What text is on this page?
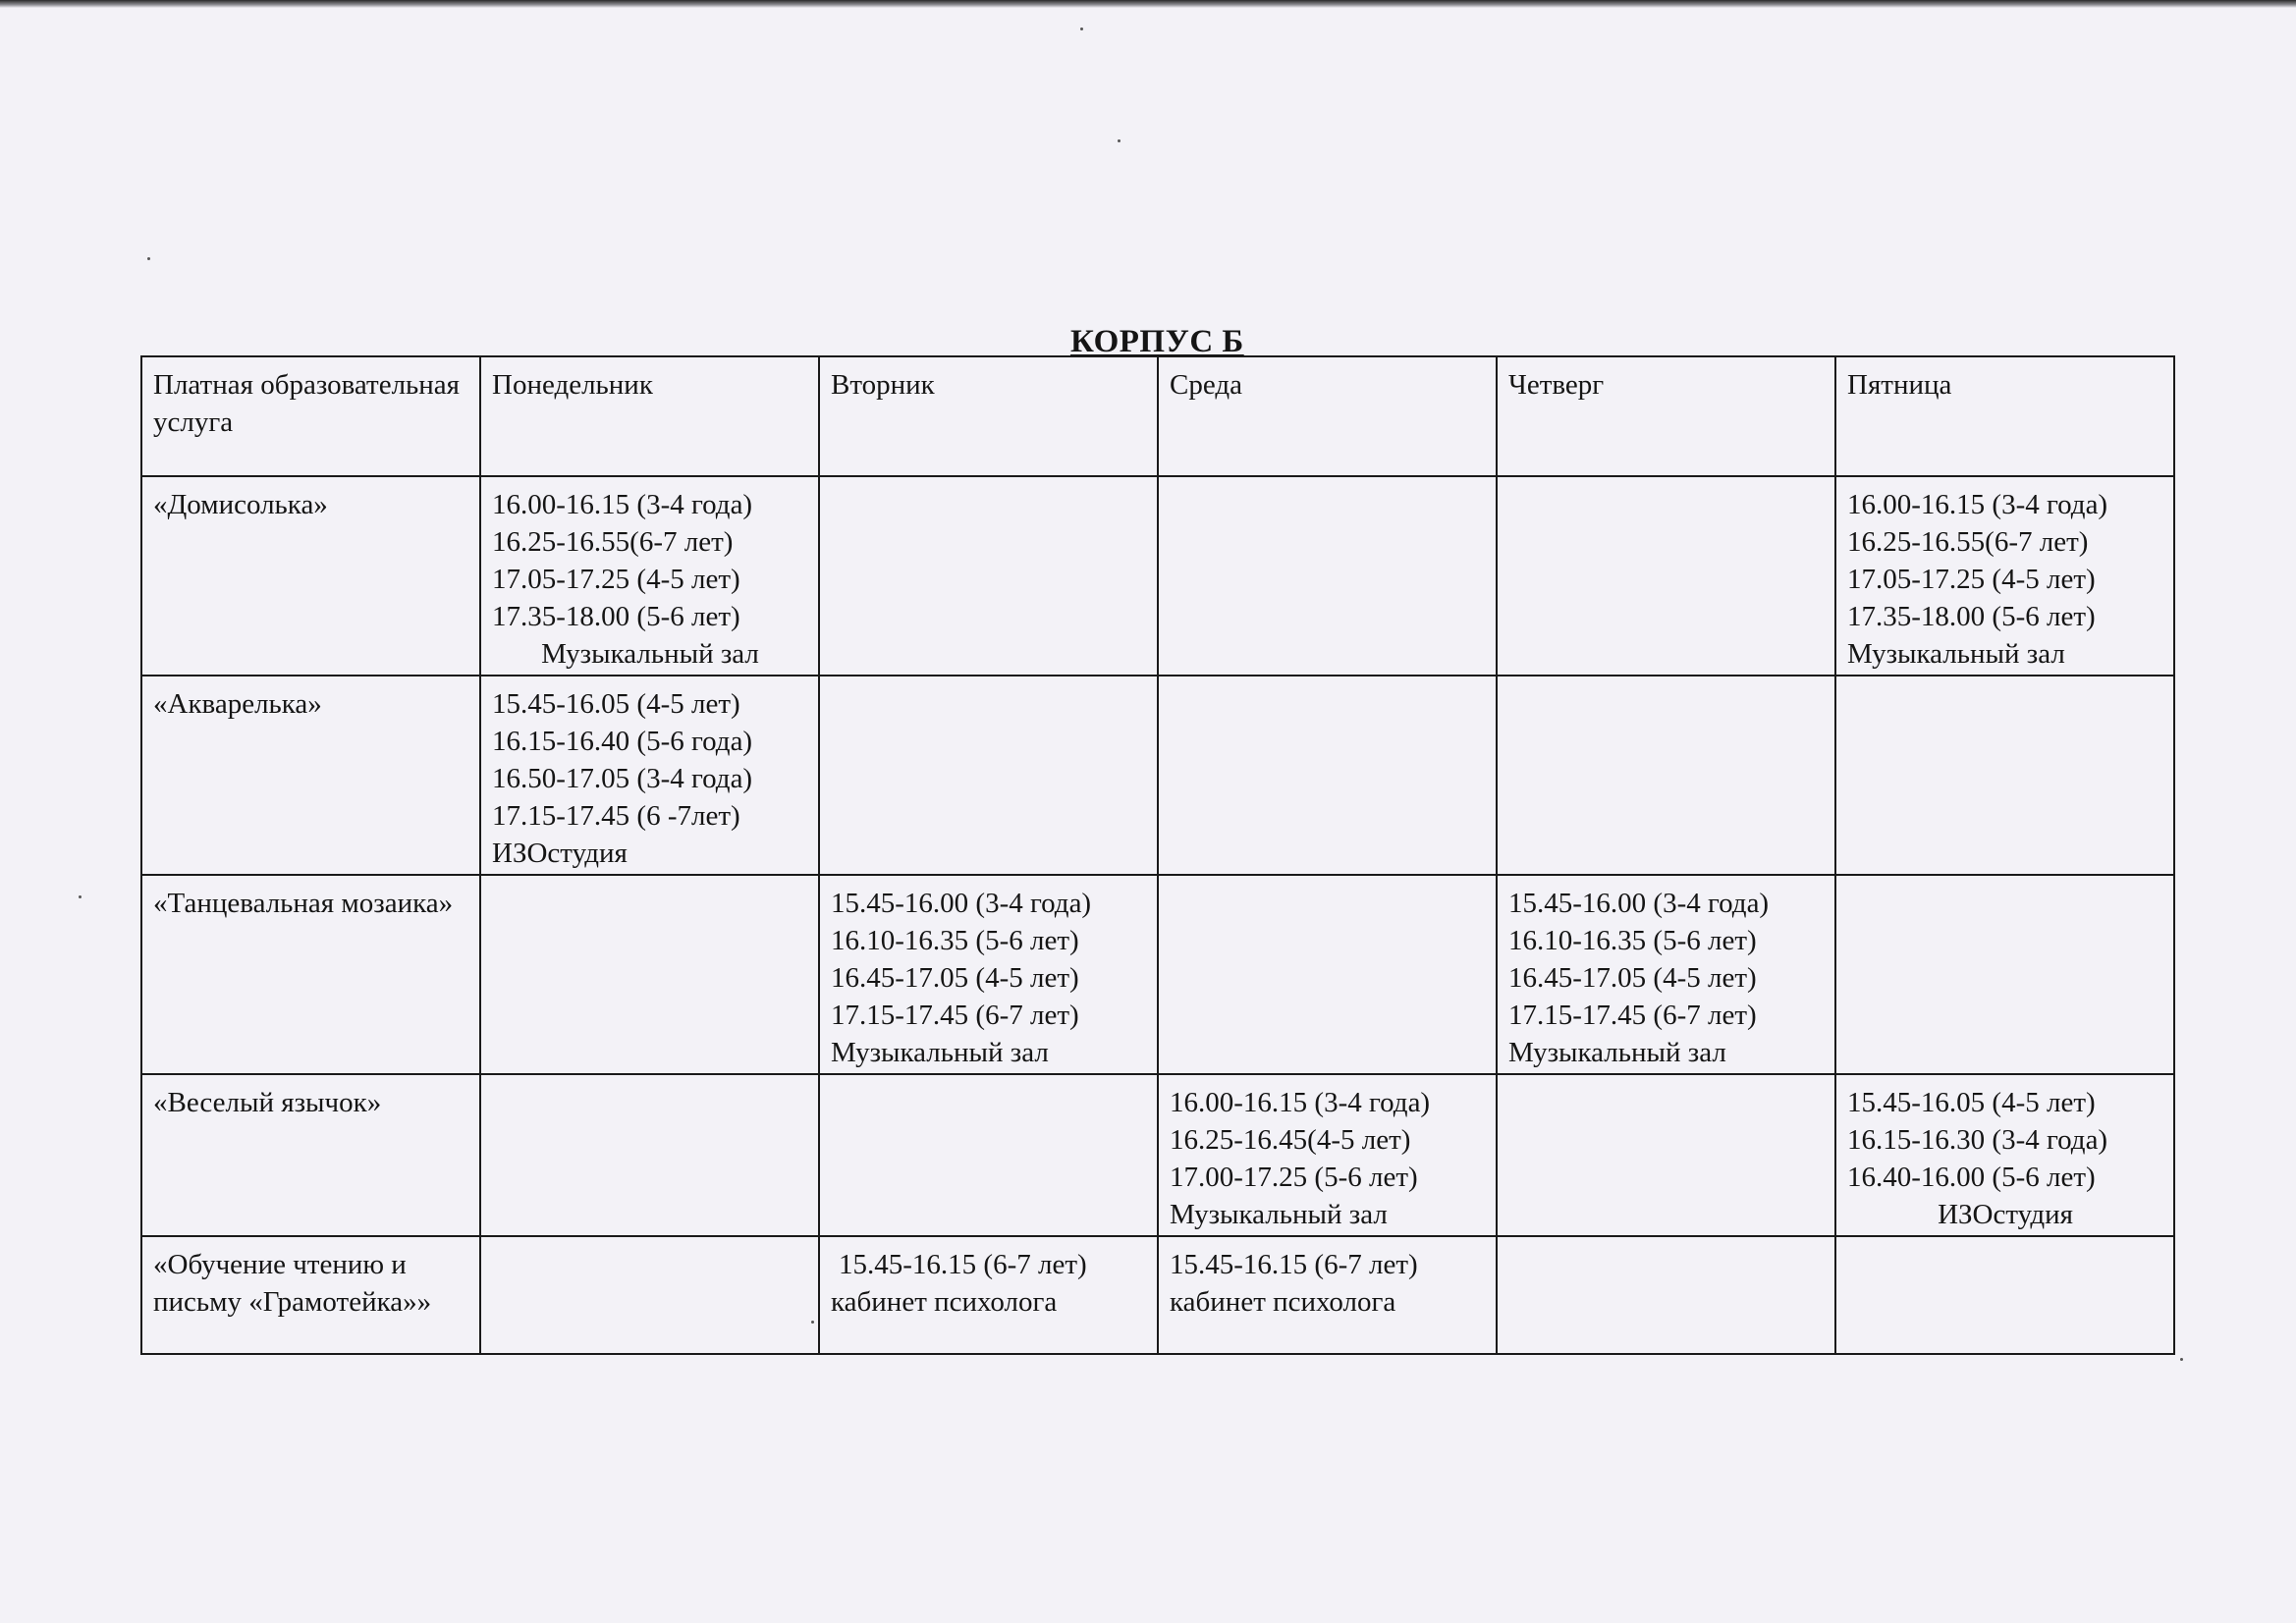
КОРПУС Б
Платная образовательная услуга	Понедельник	Вторник	Среда	Четверг	Пятница
«Домисолька»	16.00-16.15 (3-4 года)
16.25-16.55(6-7 лет)
17.05-17.25 (4-5 лет)
17.35-18.00 (5-6 лет)
Музыкальный зал				16.00-16.15 (3-4 года)
16.25-16.55(6-7 лет)
17.05-17.25 (4-5 лет)
17.35-18.00 (5-6 лет)
Музыкальный зал

«Акварелька»	15.45-16.05 (4-5 лет)
16.15-16.40 (5-6 года)
16.50-17.05 (3-4 года)
17.15-17.45 (6 -7лет)
ИЗОстудия				

«Танцевальная мозаика»		15.45-16.00 (3-4 года)
16.10-16.35 (5-6 лет)
16.45-17.05 (4-5 лет)
17.15-17.45 (6-7 лет)
Музыкальный зал		15.45-16.00 (3-4 года)
16.10-16.35 (5-6 лет)
16.45-17.05 (4-5 лет)
17.15-17.45 (6-7 лет)
Музыкальный зал	

«Веселый язычок»			16.00-16.15 (3-4 года)
16.25-16.45(4-5 лет)
17.00-17.25 (5-6 лет)
Музыкальный зал		15.45-16.05 (4-5 лет)
16.15-16.30 (3-4 года)
16.40-16.00 (5-6 лет)
ИЗОстудия

«Обучение чтению и письму «Грамотейка»»		15.45-16.15 (6-7 лет)
кабинет психолога	15.45-16.15 (6-7 лет)
кабинет психолога		
